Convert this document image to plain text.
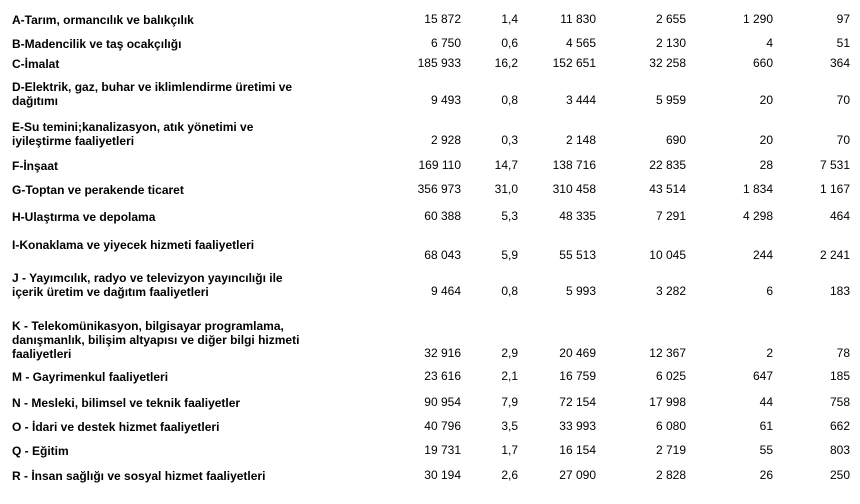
A-Tarım, ormancılık ve balıkçılık	15 872	1,4	11 830	2 655	1 290	97

B-Madencilik ve taş ocakçılığı	6 750	0,6	4 565	2 130	4	51

C-İmalat	185 933	16,2	152 651	32 258	660	364

D-Elektrik, gaz, buhar ve iklimlendirme üretimi ve
dağıtımı	9 493	0,8	3 444	5 959	20	70

E-Su temini;kanalizasyon, atık yönetimi ve
iyileştirme faaliyetleri	2 928	0,3	2 148	690	20	70

F-İnşaat	169 110	14,7	138 716	22 835	28	7 531

G-Toptan ve perakende ticaret	356 973	31,0	310 458	43 514	1 834	1 167

H-Ulaştırma ve depolama	60 388	5,3	48 335	7 291	4 298	464

I-Konaklama ve yiyecek hizmeti faaliyetleri	68 043	5,9	55 513	10 045	244	2 241

J - Yayımcılık, radyo ve televizyon yayıncılığı ile
içerik üretim ve dağıtım faaliyetleri	9 464	0,8	5 993	3 282	6	183

K - Telekomünikasyon, bilgisayar programlama,
danışmanlık, bilişim altyapısı ve diğer bilgi hizmeti
faaliyetleri	32 916	2,9	20 469	12 367	2	78

M - Gayrimenkul faaliyetleri	23 616	2,1	16 759	6 025	647	185

N - Mesleki, bilimsel ve teknik faaliyetler	90 954	7,9	72 154	17 998	44	758

O - İdari ve destek hizmet faaliyetleri	40 796	3,5	33 993	6 080	61	662

Q - Eğitim	19 731	1,7	16 154	2 719	55	803

R - İnsan sağlığı ve sosyal hizmet faaliyetleri	30 194	2,6	27 090	2 828	26	250
